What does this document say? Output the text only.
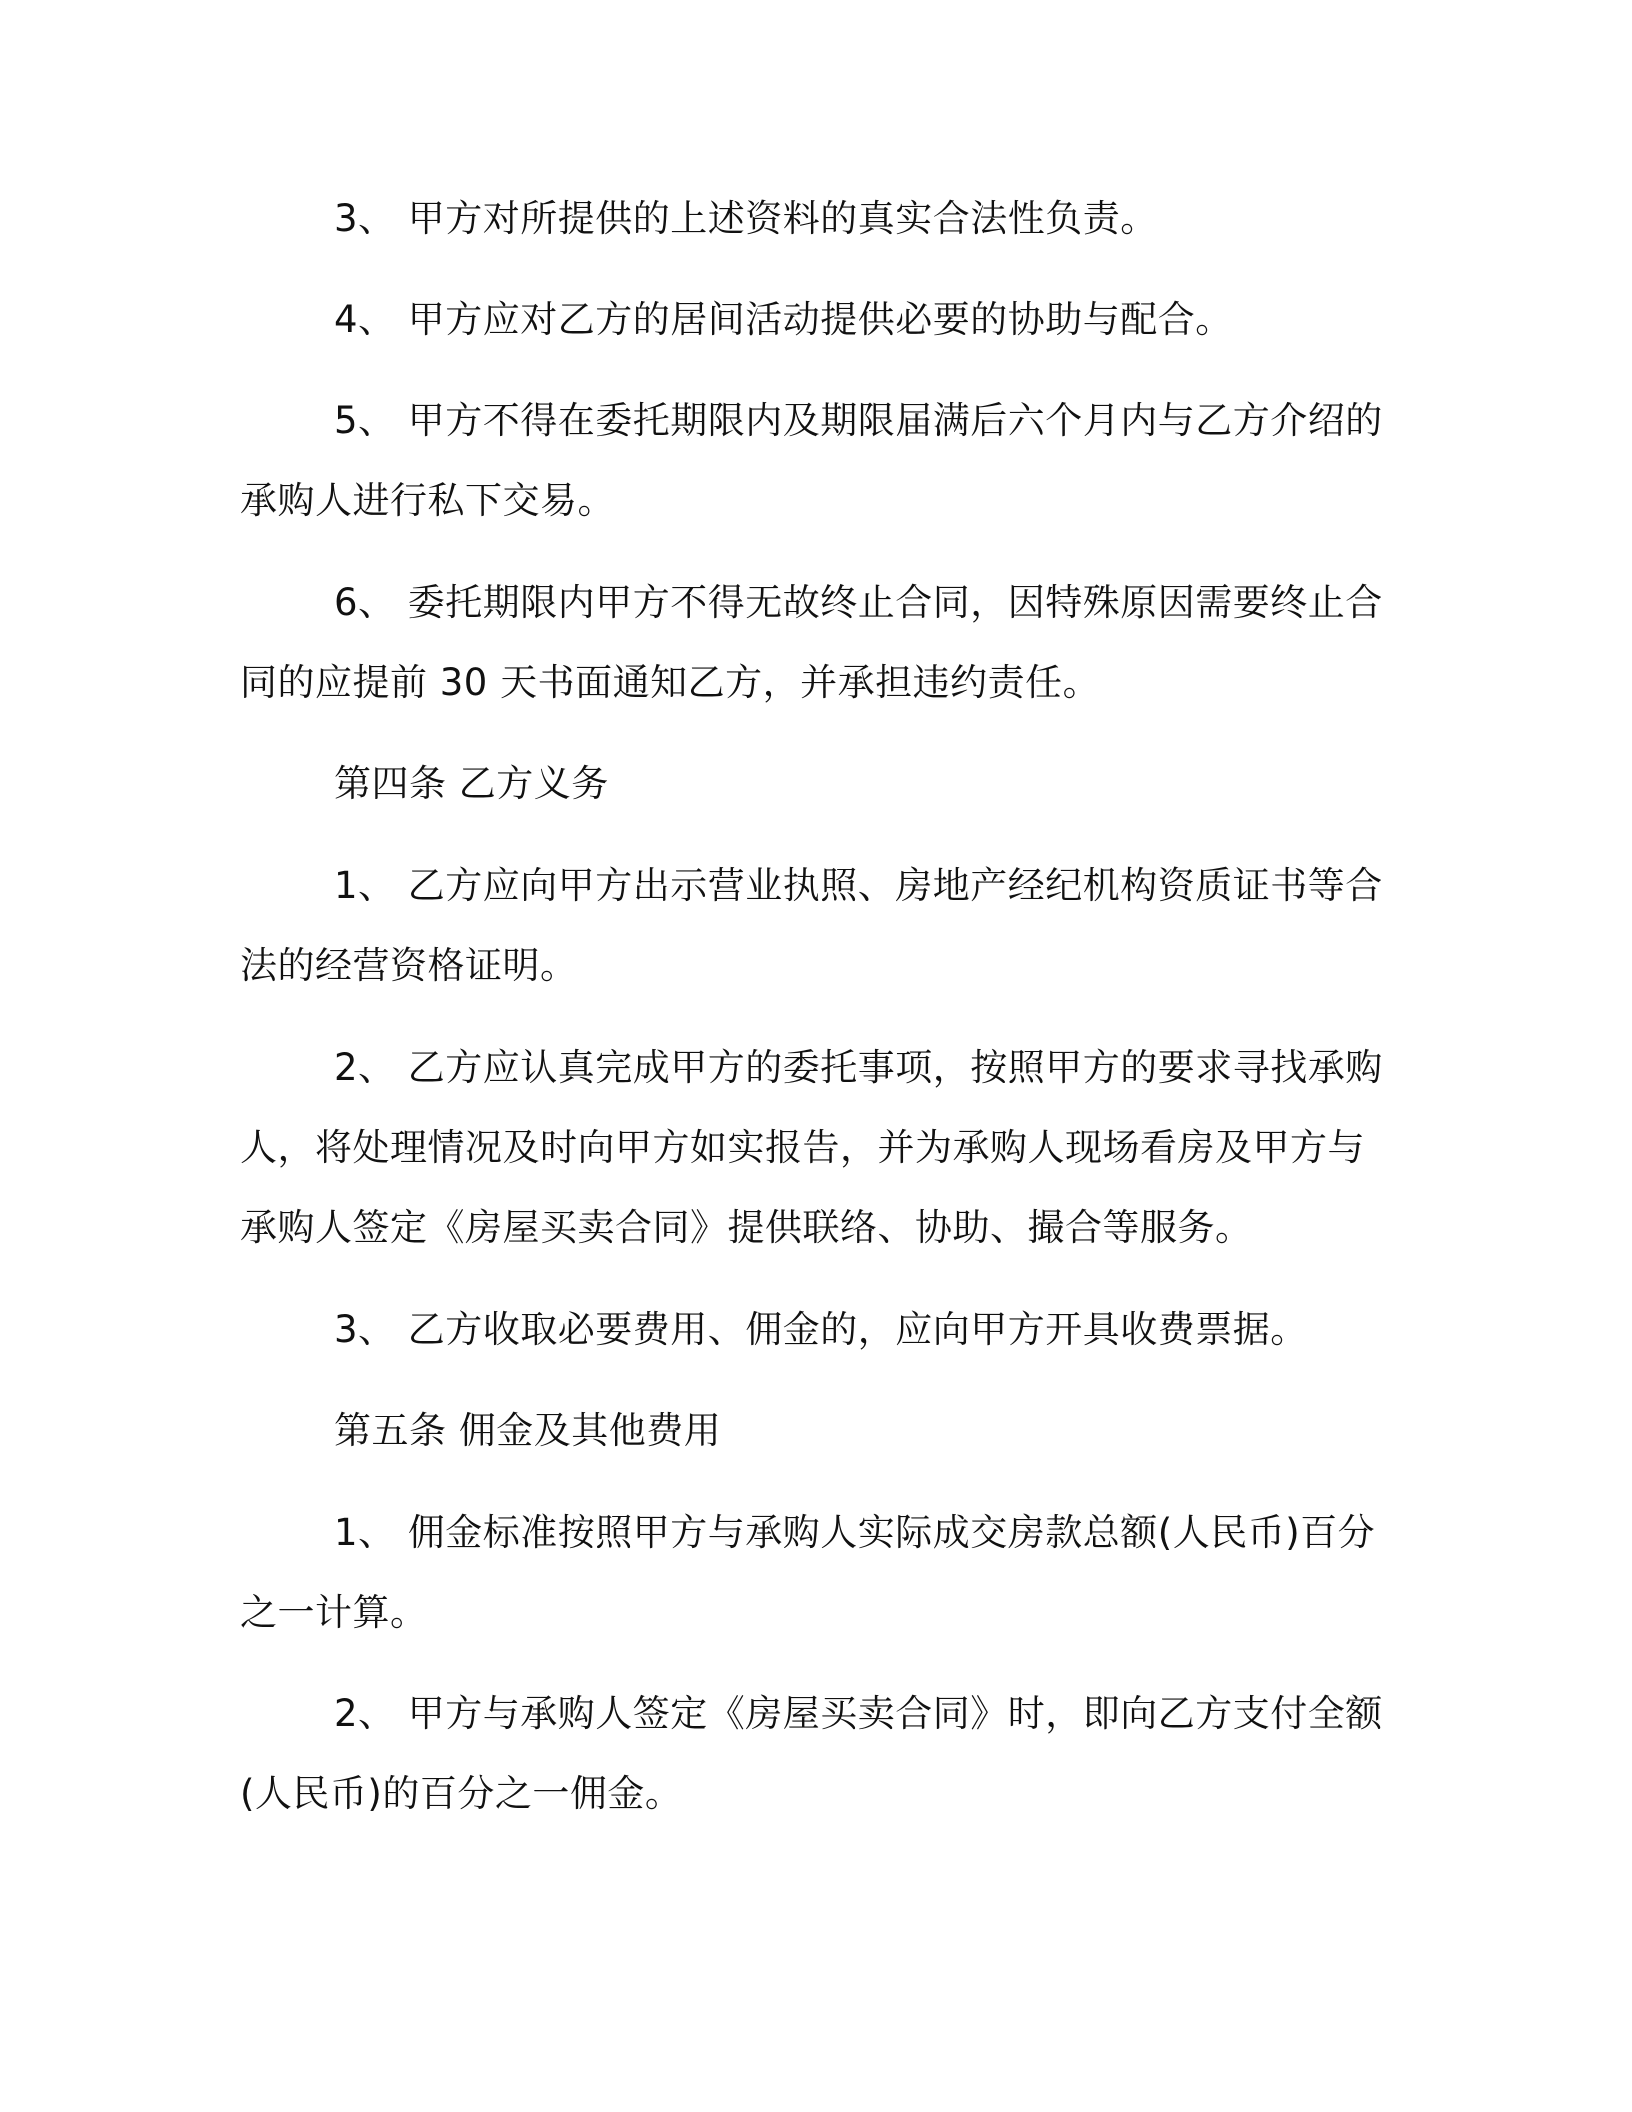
3、 甲方对所提供的上述资料的真实合法性负责。
4、 甲方应对乙方的居间活动提供必要的协助与配合。
5、 甲方不得在委托期限内及期限届满后六个月内与乙方介绍的
承购人进行私下交易。
6、 委托期限内甲方不得无故终止合同，因特殊原因需要终止合
同的应提前 30 天书面通知乙方，并承担违约责任。
第四条 乙方义务
1、 乙方应向甲方出示营业执照、房地产经纪机构资质证书等合
法的经营资格证明。
2、 乙方应认真完成甲方的委托事项，按照甲方的要求寻找承购
人，将处理情况及时向甲方如实报告，并为承购人现场看房及甲方与
承购人签定《房屋买卖合同》提供联络、协助、撮合等服务。
3、 乙方收取必要费用、佣金的，应向甲方开具收费票据。
第五条 佣金及其他费用
1、 佣金标准按照甲方与承购人实际成交房款总额(人民币)百分
之一计算。
2、 甲方与承购人签定《房屋买卖合同》时，即向乙方支付全额
(人民币)的百分之一佣金。
